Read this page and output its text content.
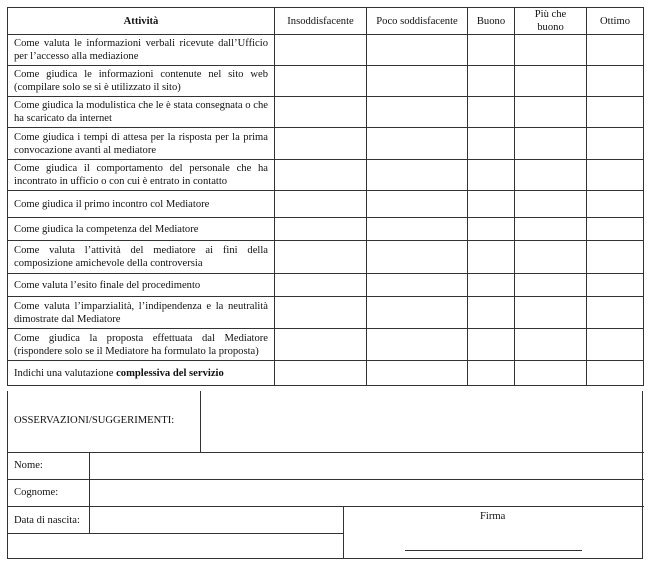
Attività	Insoddisfacente	Poco soddisfacente	Buono	Più che buono	Ottimo
Come valuta le informazioni verbali ricevute dall’Ufficio per l’accesso alla mediazione					
Come giudica le informazioni contenute nel sito web (compilare solo se si è utilizzato il sito)					
Come giudica la modulistica che le è stata consegnata o che ha scaricato da internet					
Come giudica i tempi di attesa per la risposta per la prima convocazione avanti al mediatore					
Come giudica il comportamento del personale che ha incontrato in ufficio o con cui è entrato in contatto					
Come giudica il primo incontro col Mediatore					
Come giudica la competenza del Mediatore					
Come valuta l’attività del mediatore ai fini della composizione amichevole della controversia					
Come valuta l’esito finale del procedimento					
Come valuta l’imparzialità, l’indipendenza e la neutralità dimostrate dal Mediatore					
Come giudica la proposta effettuata dal Mediatore (rispondere solo se il Mediatore ha formulato la proposta)					
Indichi una valutazione complessiva del servizio					
OSSERVAZIONI/SUGGERIMENTI:
Nome:
Cognome:
Data di nascita:	Firma
